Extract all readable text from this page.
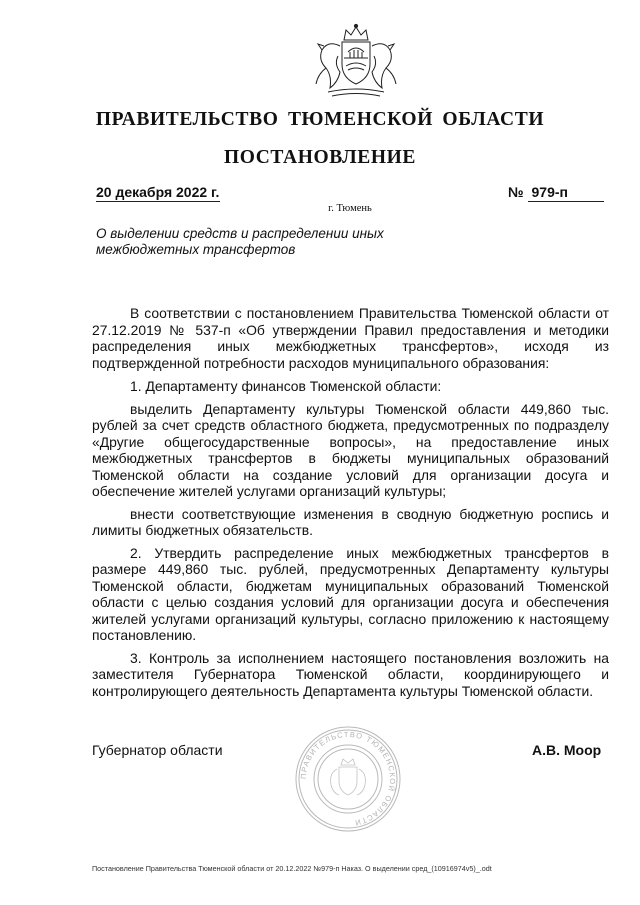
ПРАВИТЕЛЬСТВО ТЮМЕНСКОЙ ОБЛАСТИ
ПОСТАНОВЛЕНИЕ
20 декабря 2022 г.	№ 979-п
г. Тюмень
О выделении средств и распределении иных межбюджетных трансфертов

В соответствии с постановлением Правительства Тюменской области от 27.12.2019 № 537-п «Об утверждении Правил предоставления и методики распределения иных межбюджетных трансфертов», исходя из подтвержденной потребности расходов муниципального образования:

1. Департаменту финансов Тюменской области:

выделить Департаменту культуры Тюменской области 449,860 тыс. рублей за счет средств областного бюджета, предусмотренных по подразделу «Другие общегосударственные вопросы», на предоставление иных межбюджетных трансфертов в бюджеты муниципальных образований Тюменской области на создание условий для организации досуга и обеспечение жителей услугами организаций культуры;

внести соответствующие изменения в сводную бюджетную роспись и лимиты бюджетных обязательств.

2. Утвердить распределение иных межбюджетных трансфертов в размере 449,860 тыс. рублей, предусмотренных Департаменту культуры Тюменской области, бюджетам муниципальных образований Тюменской области с целью создания условий для организации досуга и обеспечения жителей услугами организаций культуры, согласно приложению к настоящему постановлению.

3. Контроль за исполнением настоящего постановления возложить на заместителя Губернатора Тюменской области, координирующего и контролирующего деятельность Департамента культуры Тюменской области.

ПРАВИТЕЛЬСТВО ТЮМЕНСКОЙ ОБЛАСТИ
Губернатор области	А.В. Моор
Постановление Правительства Тюменской области от 20.12.2022 №979-п Наказ. О выделении сред_(10916974v5)_.odt
